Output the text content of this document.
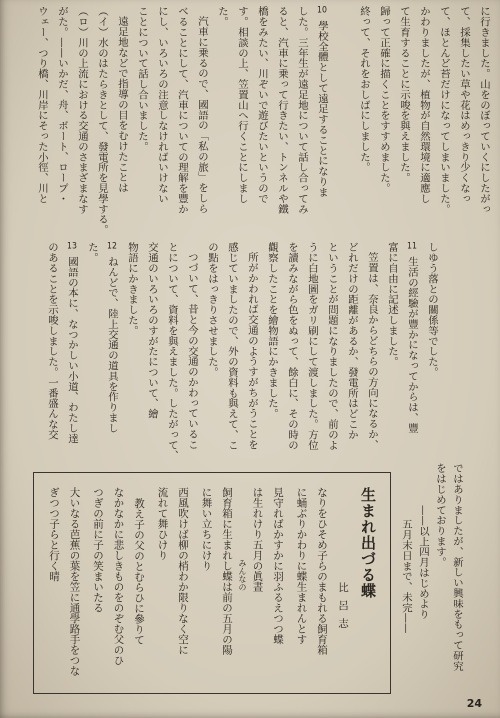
に行きました。山をのぼっていくにしたがっ
て、採集したい草や花はめっきり少くなっ
て、ほとんど苔だけになってしまいました。
かわりましたが、植物が自然環境に適應し
て生育することに示唆を與えました。
歸って正確に描くことをすすめました。
終って、それをおしばにしました。
10學校全體として遠足することになりま
した。三年生が遠足地について話し合ってみ
ると、汽車に乗って行きたい、トンネルや鐵
橋をみたい、川ぞいで遊びたいというので
す。相談の上、笠置山へ行くことにしまし
た。
汽車に乗るので、國語の「私の旅」をしら
べることにして、汽車についての理解を豐か
にし、いろいろの注意しなければいけない
ことについて話し合いました。
遠足地などで指導の目をむけたことは
（イ）水のはたらきとして、發電所を見學する。
（ロ）川の上流における交通のさまざまなす
がた。——いかだ、舟、ボート、ロープ・
ウェー、つり橋、川岸にそった小徑、川と
しゆう落との關係等でした。
11生活の經驗が豐かになってからは、豐
富に自由に記述しました。
笠置は、奈良からどちらの方向になるか、
どれだけの距離があるか、發電所はどこか
ということが問題になりましたので、前のよ
うに白地圖をガリ刷にして渡しました。方位
を讀みながら色をぬって、餘白に、その時の
觀察したことを繪物語にかきました。
所がかわれば交通のようすがちがうことを
感じていましたので、外の資料も與えて、こ
の點をはっきりさせました。
つづいて、昔と今の交通のかわっているこ
とについて、資料を與えました。したがって、
交通のいろいろのすがたについて、繪
物語にかきました。
12ねんどで、陸上交通の道具を作りまし
た。
13國語の本に、なつかしい小道、わたし達
のあることを示唆しました。一番盛んな交
ではありましたが、新しい興味をもって研究
をはじめております。
——以上四月はじめより
五月末日まで、未完——
生まれ出づる蝶
比 呂 志
なりをひそめ子らのまもれる飼育箱
に蛹ぶりかわりに蝶生まれんとす
見守ればかすかに羽ふるえつつ蝶
は生れけり五月の眞晝
みんなの
飼育箱に生まれし蝶は前の五月の陽
に舞い立ちにけり
西風吹けば柳の梢わか限りなく空に
流れて舞ひけり
教え子の父のとむらひに參りて
なかなかに悲しきものをのぞむ父のひ
つぎの前に子の笑まいたる
大いなる芭蕉の葉を笠に通學路手をつな
ぎつつ子らと行く晴
24
